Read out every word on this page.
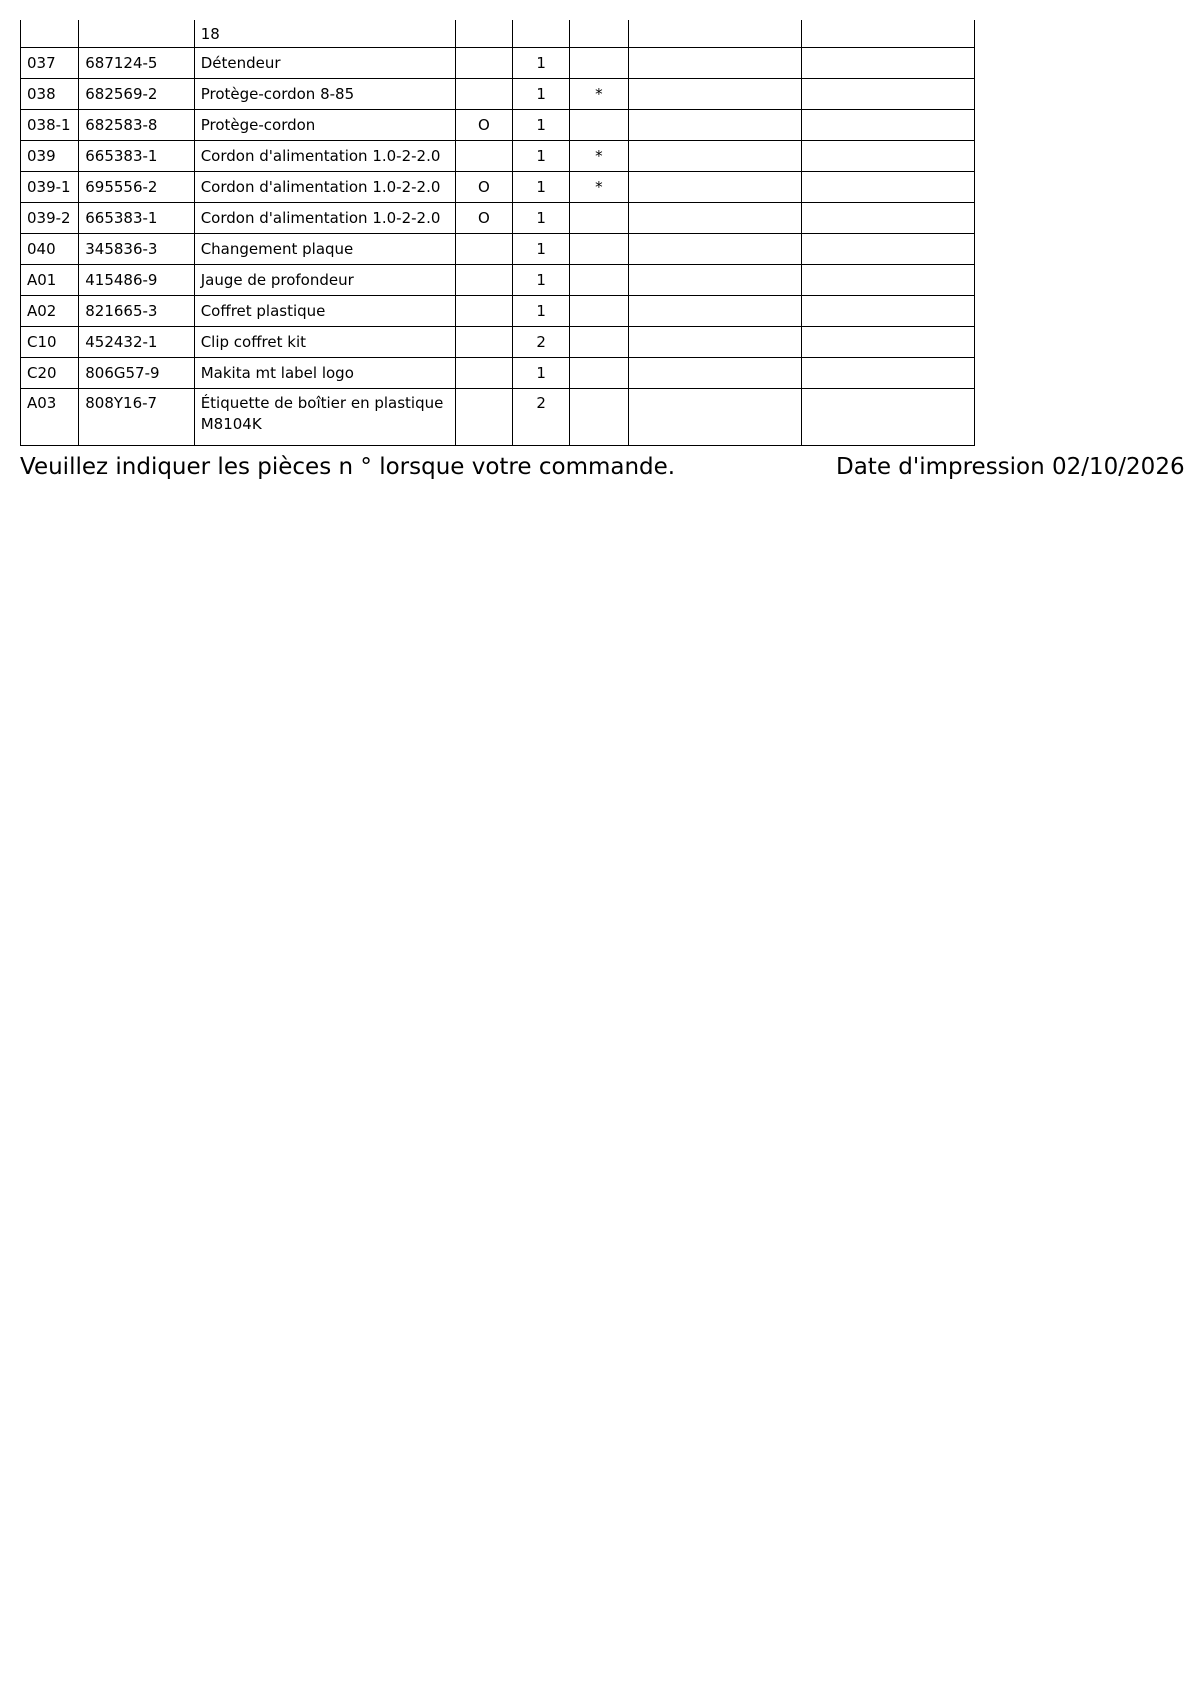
		18					
037	687124-5	Détendeur		1			
038	682569-2	Protège-cordon 8-85		1	*		
038-1	682583-8	Protège-cordon	O	1			
039	665383-1	Cordon d'alimentation 1.0-2-2.0		1	*		
039-1	695556-2	Cordon d'alimentation 1.0-2-2.0	O	1	*		
039-2	665383-1	Cordon d'alimentation 1.0-2-2.0	O	1			
040	345836-3	Changement plaque		1			
A01	415486-9	Jauge de profondeur		1			
A02	821665-3	Coffret plastique		1			
C10	452432-1	Clip coffret kit		2			
C20	806G57-9	Makita mt label logo		1			
A03	808Y16-7	Étiquette de boîtier en plastique M8104K		2			
Veuillez indiquer les pièces n ° lorsque votre commande.	Date d'impression 02/10/2026
